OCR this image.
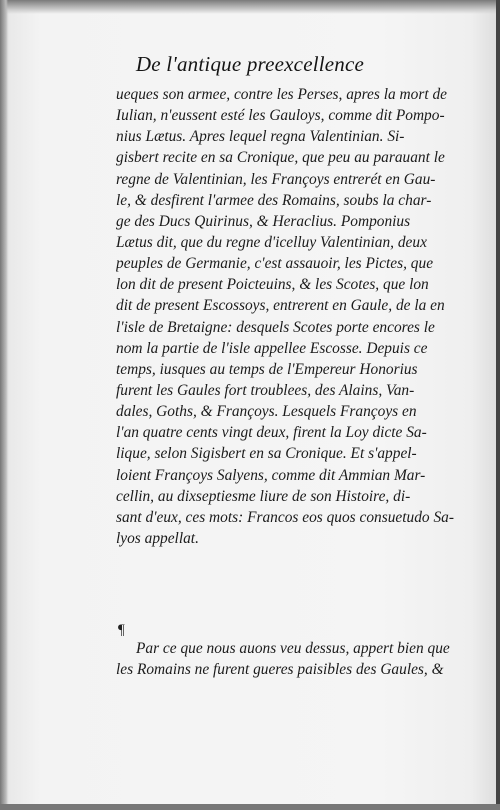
De l'antique preexcellence
ueques son armee, contre les Perses, apres la mort de
Iulian, n'eussent esté les Gauloys, comme dit Pompo-
nius Lætus. Apres lequel regna Valentinian. Si-
gisbert recite en sa Cronique, que peu au parauant le
regne de Valentinian, les Françoys entrerét en Gau-
le, & desfirent l'armee des Romains, soubs la char-
ge des Ducs Quirinus, & Heraclius. Pomponius
Lætus dit, que du regne d'icelluy Valentinian, deux
peuples de Germanie, c'est assauoir, les Pictes, que
lon dit de present Poicteuins, & les Scotes, que lon
dit de present Escossoys, entrerent en Gaule, de la en
l'isle de Bretaigne: desquels Scotes porte encores le
nom la partie de l'isle appellee Escosse. Depuis ce
temps, iusques au temps de l'Empereur Honorius
furent les Gaules fort troublees, des Alains, Van-
dales, Goths, & Françoys. Lesquels Françoys en
l'an quatre cents vingt deux, firent la Loy dicte Sa-
lique, selon Sigisbert en sa Cronique. Et s'appel-
loient Françoys Salyens, comme dit Ammian Mar-
cellin, au dixseptiesme liure de son Histoire, di-
sant d'eux, ces mots: Francos eos quos consuetudo Sa-
lyos appellat.
¶
Par ce que nous auons veu dessus, appert bien que
les Romains ne furent gueres paisibles des Gaules, &
